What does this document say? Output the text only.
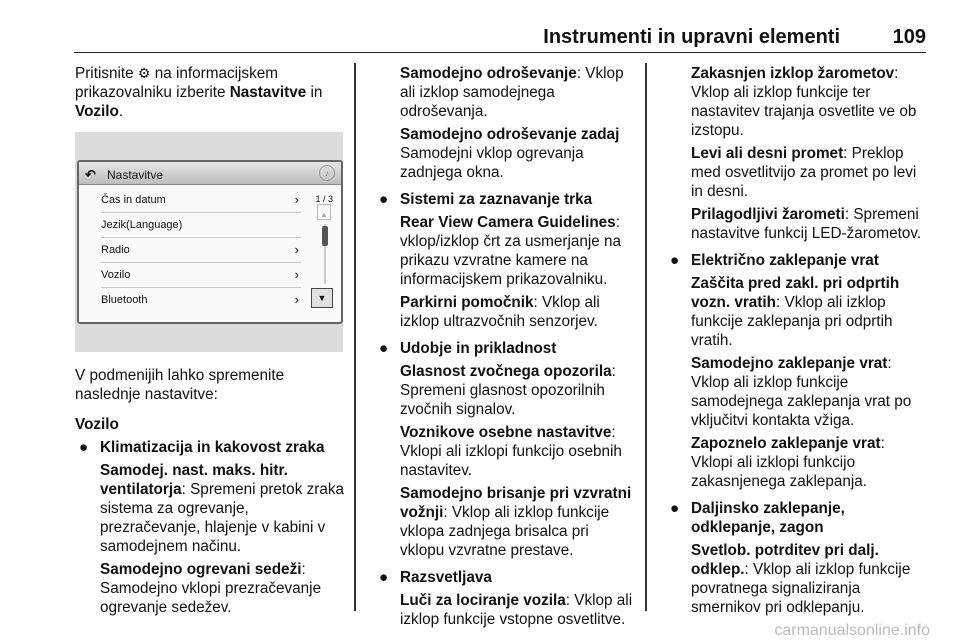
Instrumenti in upravni elementi	109

Pritisnite ⚙ na informacijskem prikazovalniku izberite Nastavitve in Vozilo.

↶ Nastavitve	♪
Čas in datum	›
Jezik(Language)
Radio	›
Vozilo	›
Bluetooth	›
1 / 3
▲
▼

V podmenijih lahko spremenite naslednje nastavitve:

Vozilo

● Klimatizacija in kakovost zraka

Samodej. nast. maks. hitr. ventilatorja: Spremeni pretok zraka sistema za ogrevanje, prezračevanje, hlajenje v kabini v samodejnem načinu.

Samodejno ogrevani sedeži: Samodejno vklopi prezračevanje ogrevanje sedežev.

Samodejno odroševanje: Vklop ali izklop samodejnega odroševanja.

Samodejno odroševanje zadaj
Samodejni vklop ogrevanja zadnjega okna.

● Sistemi za zaznavanje trka

Rear View Camera Guidelines: vklop/izklop črt za usmerjanje na prikazu vzvratne kamere na informacijskem prikazovalniku.

Parkirni pomočnik: Vklop ali izklop ultrazvočnih senzorjev.

● Udobje in prikladnost

Glasnost zvočnega opozorila: Spremeni glasnost opozorilnih zvočnih signalov.

Voznikove osebne nastavitve: Vklopi ali izklopi funkcijo osebnih nastavitev.

Samodejno brisanje pri vzvratni vožnji: Vklop ali izklop funkcije vklopa zadnjega brisalca pri vklopu vzvratne prestave.

● Razsvetljava

Luči za lociranje vozila: Vklop ali izklop funkcije vstopne osvetlitve.

Zakasnjen izklop žarometov: Vklop ali izklop funkcije ter nastavitev trajanja osvetlite ve ob izstopu.

Levi ali desni promet: Preklop med osvetlitvijo za promet po levi in desni.

Prilagodljivi žarometi: Spremeni nastavitve funkcij LED-žarometov.

● Električno zaklepanje vrat

Zaščita pred zakl. pri odprtih vozn. vratih: Vklop ali izklop funkcije zaklepanja pri odprtih vratih.

Samodejno zaklepanje vrat: Vklop ali izklop funkcije samodejnega zaklepanja vrat po vključitvi kontakta vžiga.

Zapoznelo zaklepanje vrat: Vklopi ali izklopi funkcijo zakasnjenega zaklepanja.

● Daljinsko zaklepanje, odklepanje, zagon

Svetlob. potrditev pri dalj. odklep.: Vklop ali izklop funkcije povratnega signaliziranja smernikov pri odklepanju.

carmanualsonline.info
